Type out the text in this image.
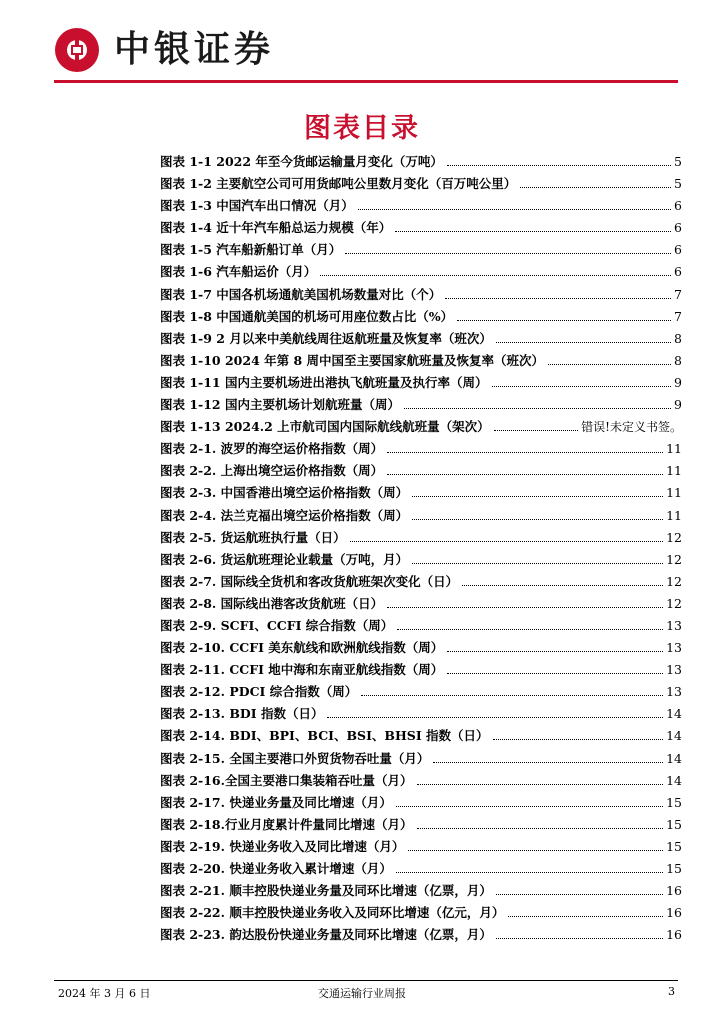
中银证券
图表目录
图表 1-1 2022 年至今货邮运输量月变化（万吨）	5
图表 1-2 主要航空公司可用货邮吨公里数月变化（百万吨公里）	5
图表 1-3 中国汽车出口情况（月）	6
图表 1-4 近十年汽车船总运力规模（年）	6
图表 1-5 汽车船新船订单（月）	6
图表 1-6 汽车船运价（月）	6
图表 1-7 中国各机场通航美国机场数量对比（个）	7
图表 1-8 中国通航美国的机场可用座位数占比（%）	7
图表 1-9 2 月以来中美航线周往返航班量及恢复率（班次）	8
图表 1-10 2024 年第 8 周中国至主要国家航班量及恢复率（班次）	8
图表 1-11 国内主要机场进出港执飞航班量及执行率（周）	9
图表 1-12 国内主要机场计划航班量（周）	9
图表 1-13 2024.2 上市航司国内国际航线航班量（架次）	错误!未定义书签。
图表 2-1. 波罗的海空运价格指数（周）	11
图表 2-2. 上海出境空运价格指数（周）	11
图表 2-3. 中国香港出境空运价格指数（周）	11
图表 2-4. 法兰克福出境空运价格指数（周）	11
图表 2-5. 货运航班执行量（日）	12
图表 2-6. 货运航班理论业载量（万吨，月）	12
图表 2-7. 国际线全货机和客改货航班架次变化（日）	12
图表 2-8. 国际线出港客改货航班（日）	12
图表 2-9. SCFI、CCFI 综合指数（周）	13
图表 2-10. CCFI 美东航线和欧洲航线指数（周）	13
图表 2-11. CCFI 地中海和东南亚航线指数（周）	13
图表 2-12. PDCI 综合指数（周）	13
图表 2-13. BDI 指数（日）	14
图表 2-14. BDI、BPI、BCI、BSI、BHSI 指数（日）	14
图表 2-15. 全国主要港口外贸货物吞吐量（月）	14
图表 2-16.全国主要港口集装箱吞吐量（月）	14
图表 2-17. 快递业务量及同比增速（月）	15
图表 2-18.行业月度累计件量同比增速（月）	15
图表 2-19. 快递业务收入及同比增速（月）	15
图表 2-20. 快递业务收入累计增速（月）	15
图表 2-21. 顺丰控股快递业务量及同环比增速（亿票，月）	16
图表 2-22. 顺丰控股快递业务收入及同环比增速（亿元，月）	16
图表 2-23. 韵达股份快递业务量及同环比增速（亿票，月）	16
2024 年 3 月 6 日	交通运输行业周报	3
